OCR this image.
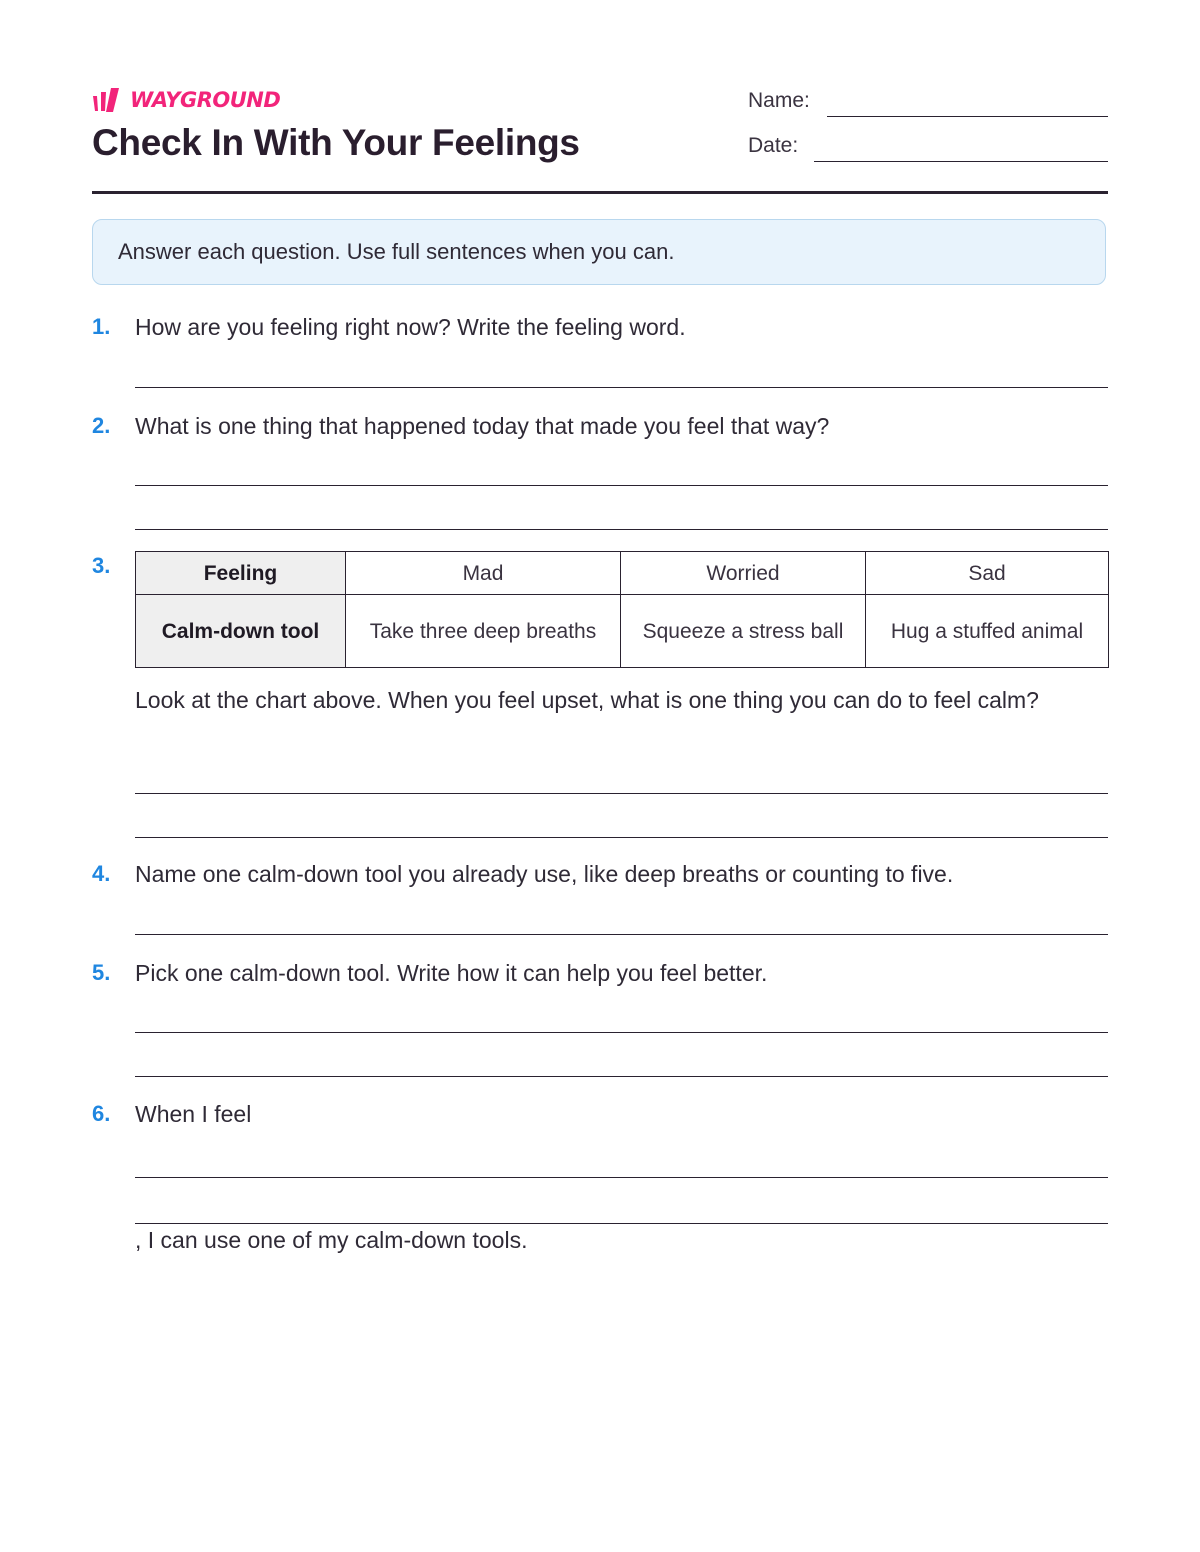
WAYGROUND
Check In With Your Feelings
Name:
Date:
Answer each question. Use full sentences when you can.
1. How are you feeling right now? Write the feeling word.
2. What is one thing that happened today that made you feel that way?
3.	Feeling	Mad	Worried	Sad
Calm-down tool	Take three deep breaths	Squeeze a stress ball	Hug a stuffed animal
Look at the chart above. When you feel upset, what is one thing you can do to feel calm?
4. Name one calm-down tool you already use, like deep breaths or counting to five.
5. Pick one calm-down tool. Write how it can help you feel better.
6. When I feel
, I can use one of my calm-down tools.
